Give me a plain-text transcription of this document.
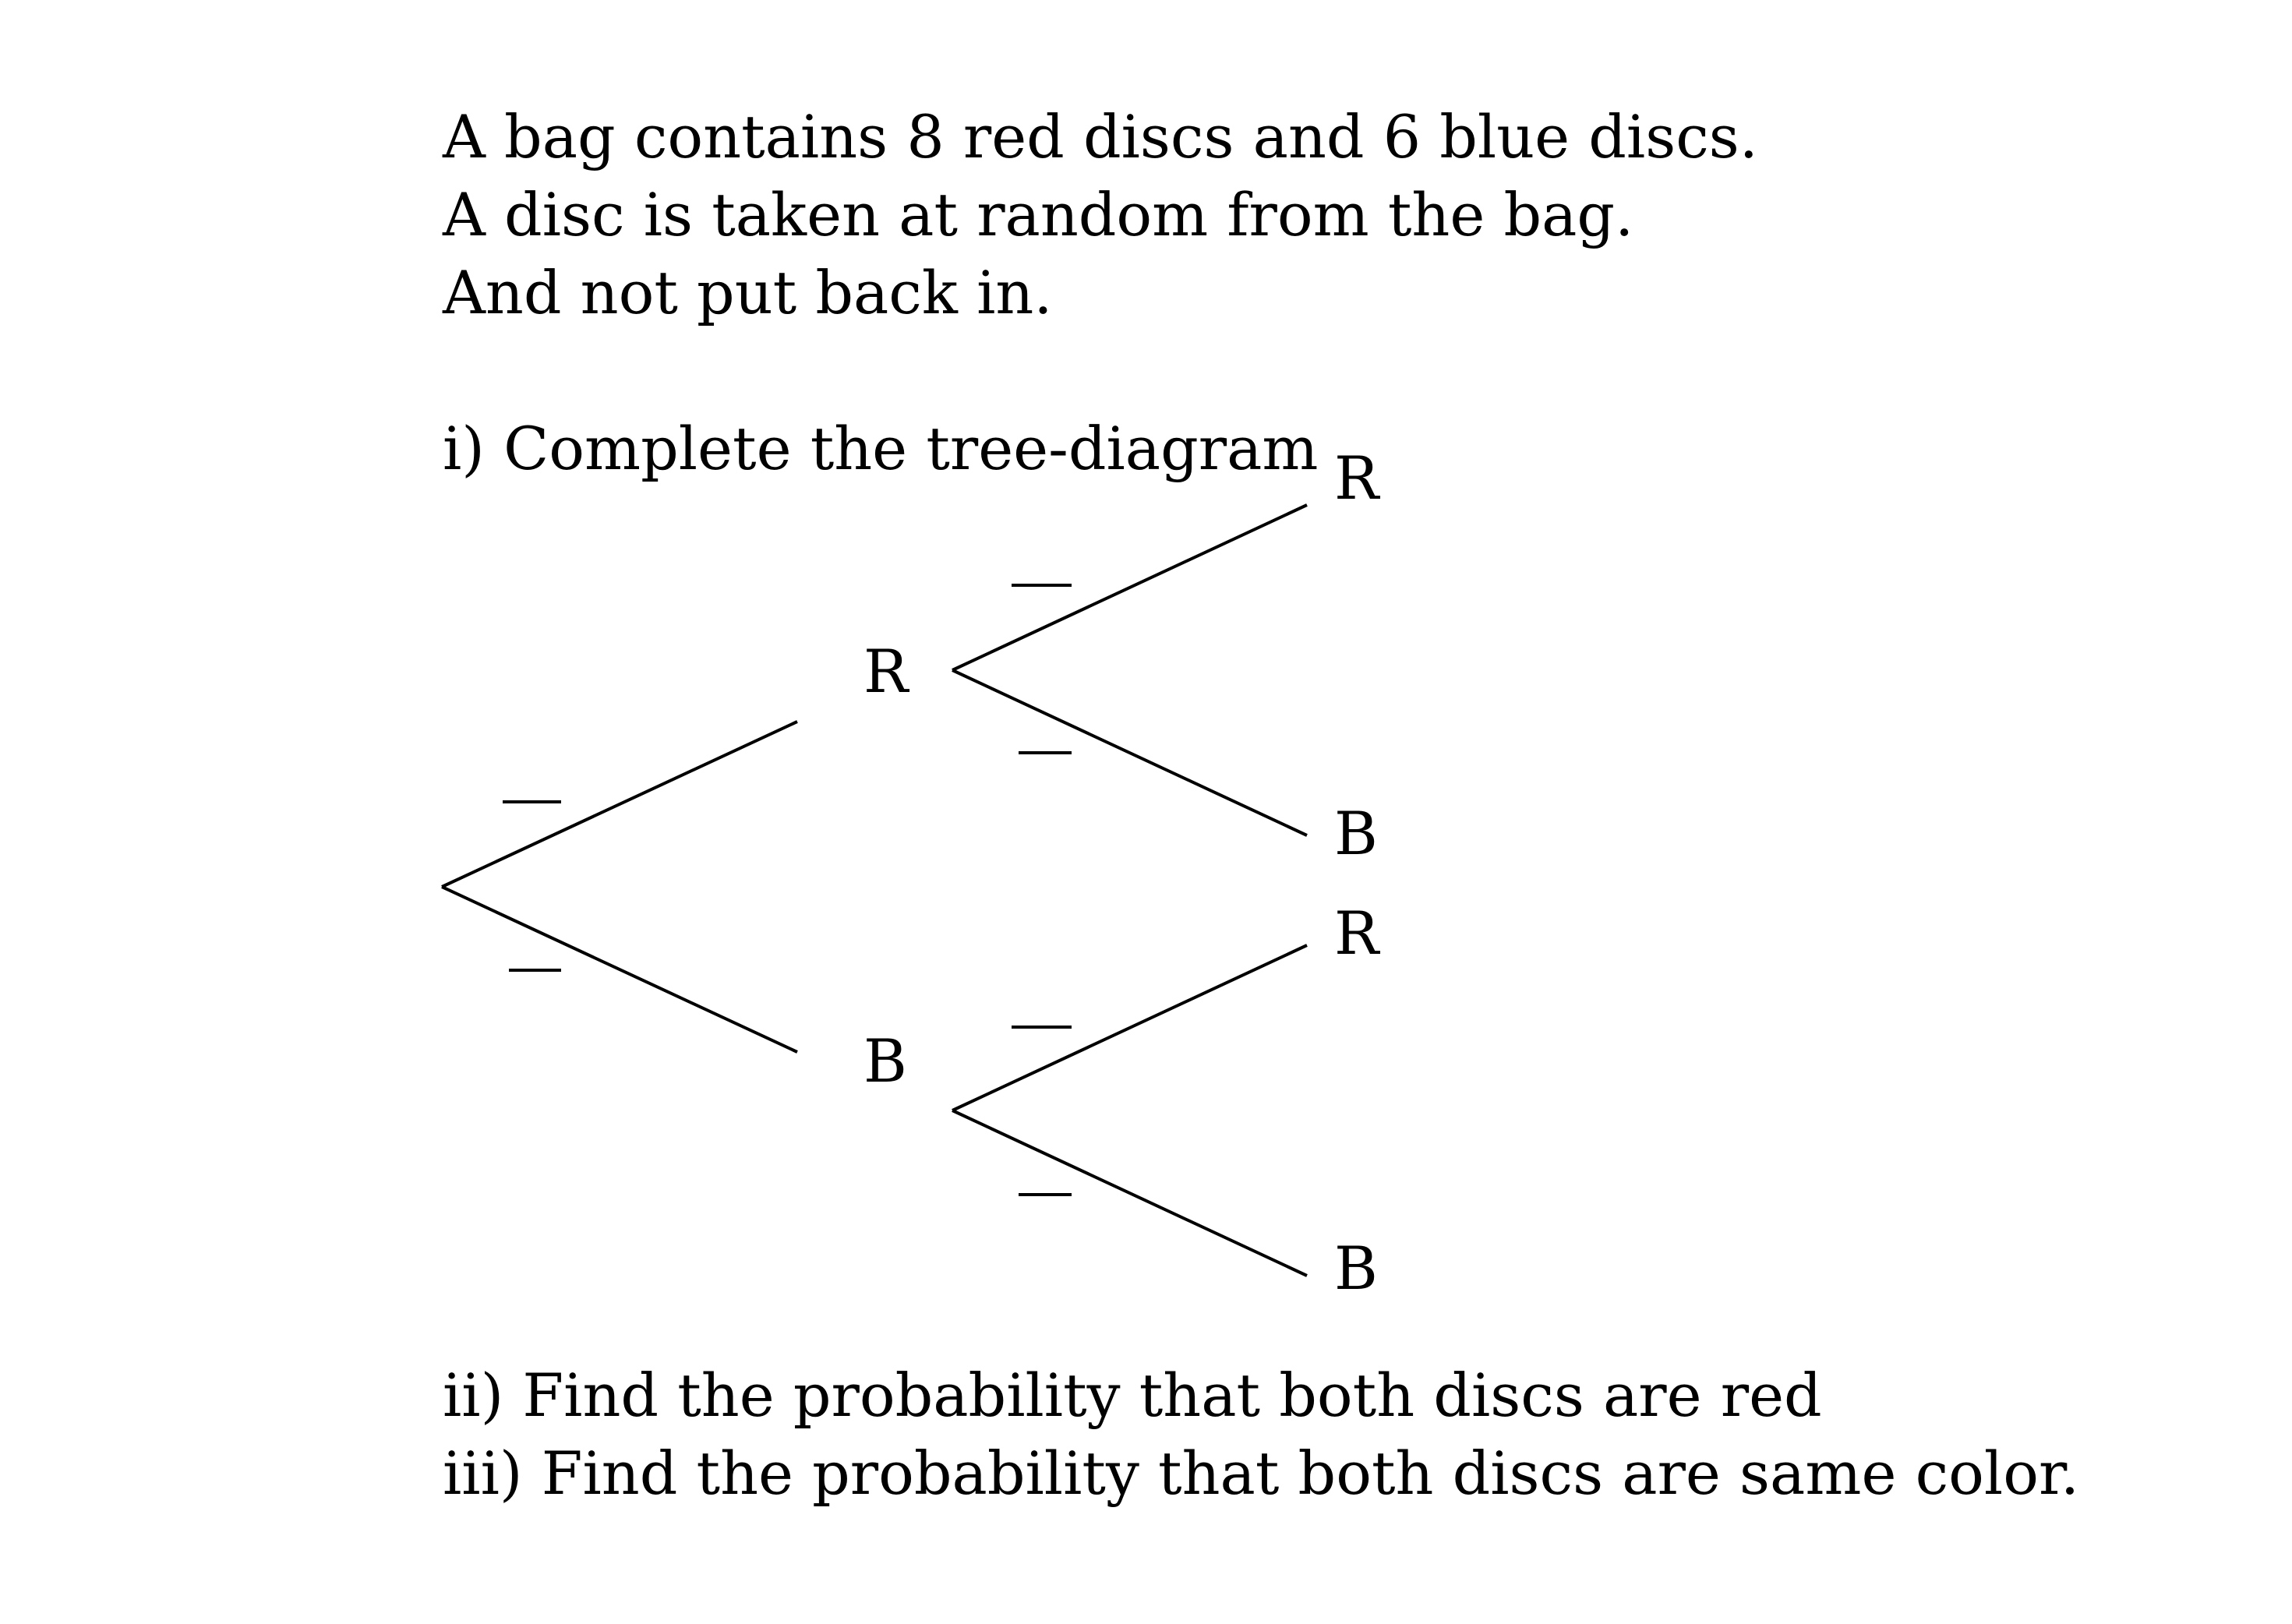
A bag contains 8 red discs and 6 blue discs.
A disc is taken at random from the bag.
And not put back in.
i) Complete the tree-diagram
R
B
R
B
R
B
ii) Find the probability that both discs are red
iii) Find the probability that both discs are same color.
